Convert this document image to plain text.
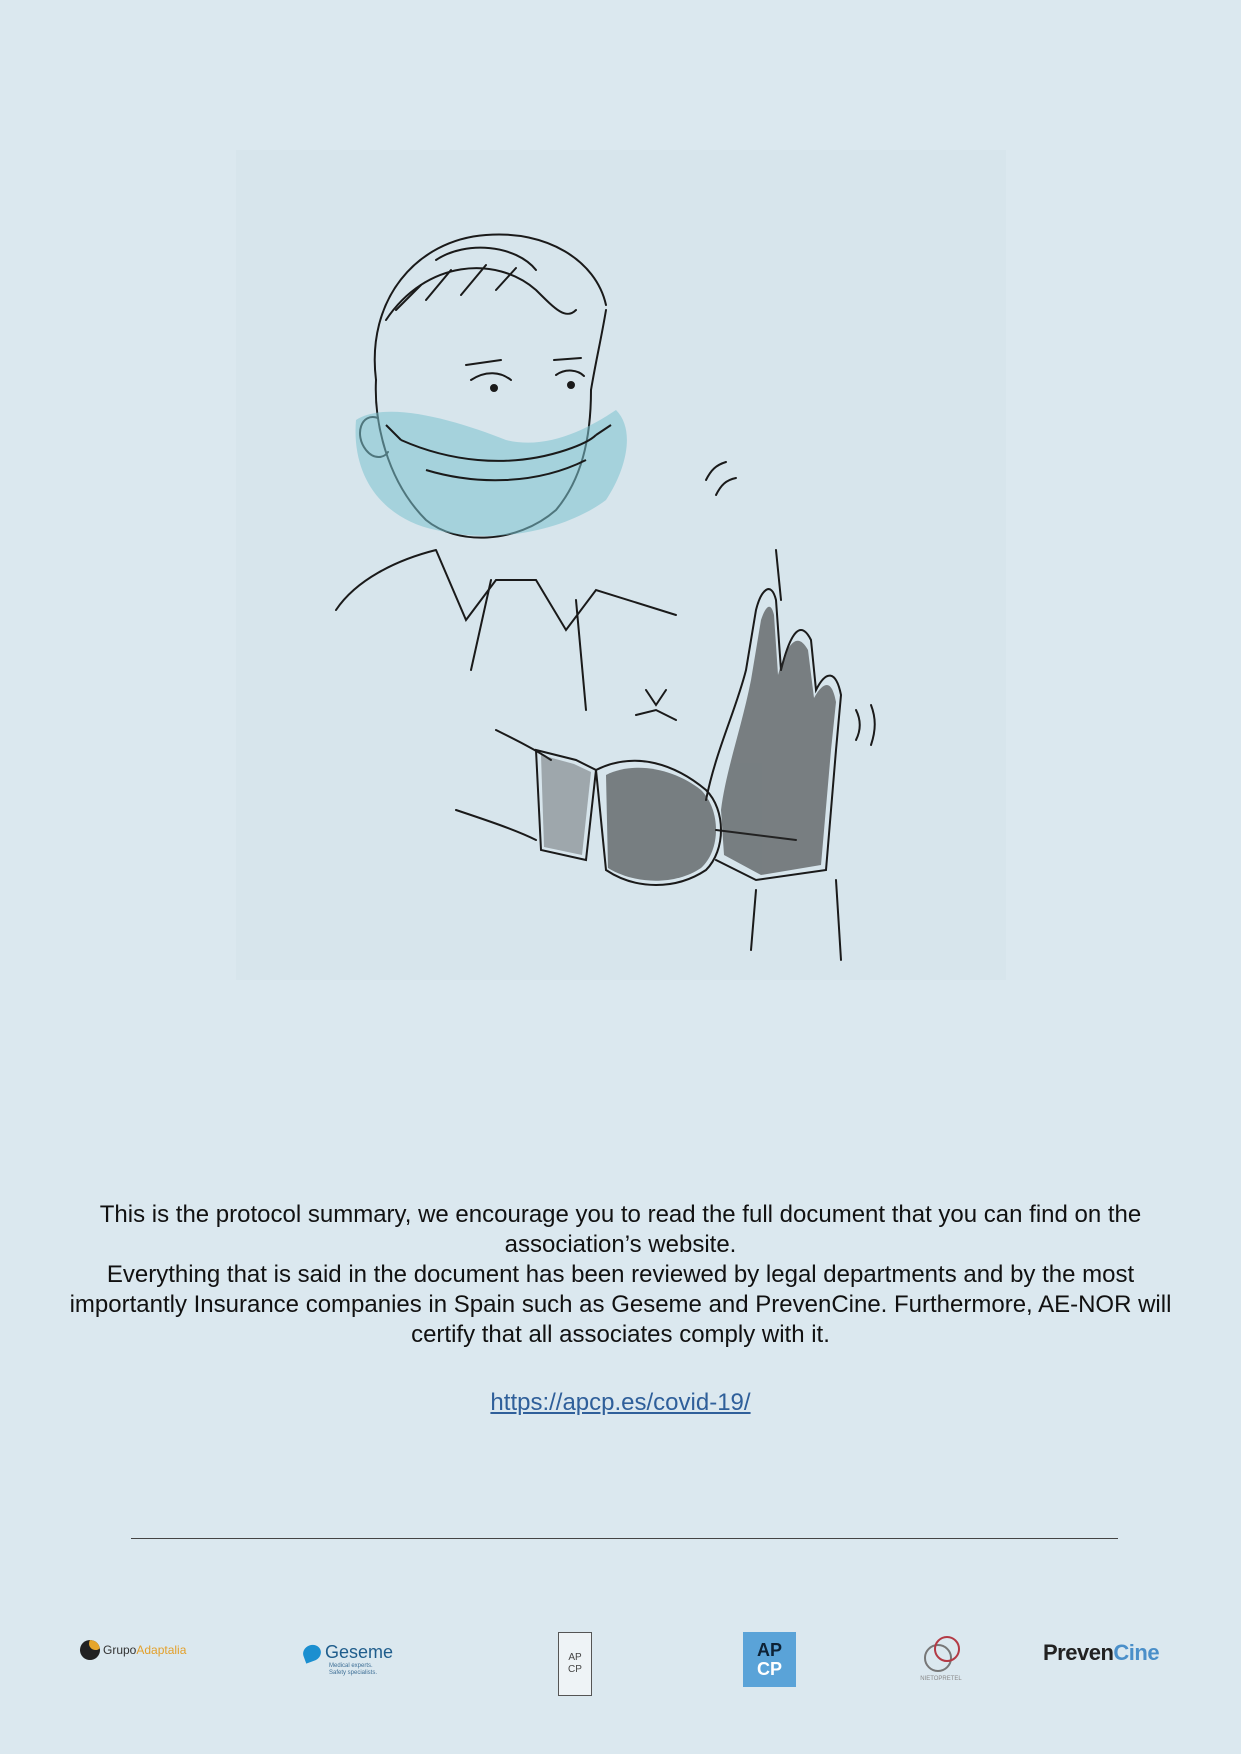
This is the protocol summary, we encourage you to read the full document that you can find on the association’s website.

Everything that is said in the document has been reviewed by legal departments and by the most importantly Insurance companies in Spain such as Geseme and PrevenCine. Furthermore, AE-NOR will certify that all associates comply with it.

https://apcp.es/covid-19/
Grupo Adaptalia	Geseme
Medical experts.
Safety specialists.
AP
CP
AP
CP
NIETOPRETEL
Preven Cine
